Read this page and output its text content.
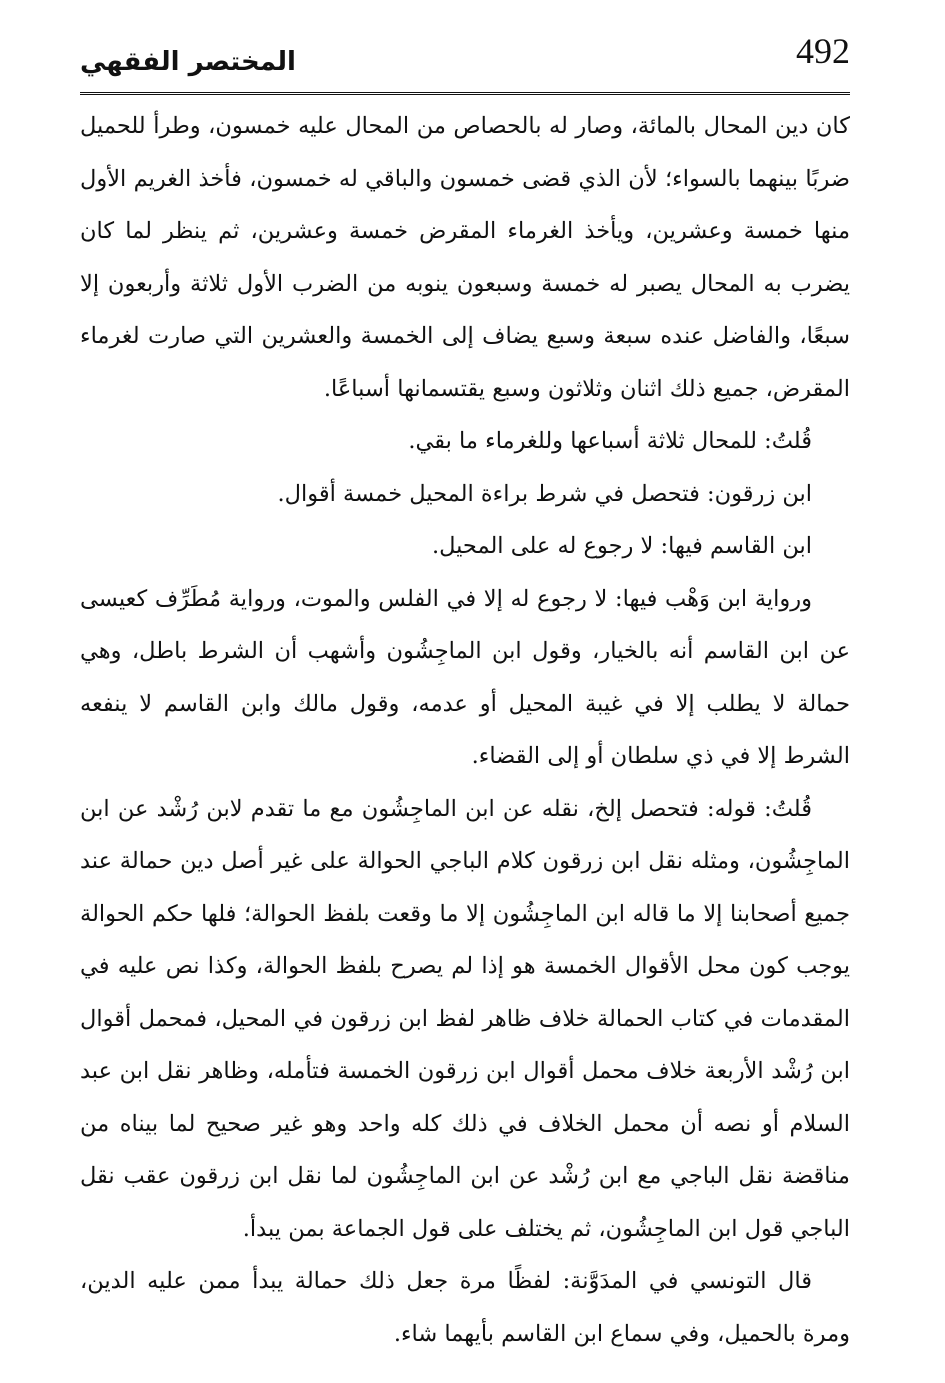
المختصر الفقهي	492

كان دين المحال بالمائة، وصار له بالحصاص من المحال عليه خمسون، وطرأ للحميل ضربًا بينهما بالسواء؛ لأن الذي قضى خمسون والباقي له خمسون، فأخذ الغريم الأول منها خمسة وعشرين، ويأخذ الغرماء المقرض خمسة وعشرين، ثم ينظر لما كان يضرب به المحال يصبر له خمسة وسبعون ينوبه من الضرب الأول ثلاثة وأربعون إلا سبعًا، والفاضل عنده سبعة وسبع يضاف إلى الخمسة والعشرين التي صارت لغرماء المقرض، جميع ذلك اثنان وثلاثون وسبع يقتسمانها أسباعًا.

قُلتُ: للمحال ثلاثة أسباعها وللغرماء ما بقي.

ابن زرقون: فتحصل في شرط براءة المحيل خمسة أقوال.

ابن القاسم فيها: لا رجوع له على المحيل.

ورواية ابن وَهْب فيها: لا رجوع له إلا في الفلس والموت، ورواية مُطَرِّف كعيسى عن ابن القاسم أنه بالخيار، وقول ابن الماجِشُون وأشهب أن الشرط باطل، وهي حمالة لا يطلب إلا في غيبة المحيل أو عدمه، وقول مالك وابن القاسم لا ينفعه الشرط إلا في ذي سلطان أو إلى القضاء.

قُلتُ: قوله: فتحصل إلخ، نقله عن ابن الماجِشُون مع ما تقدم لابن رُشْد عن ابن الماجِشُون، ومثله نقل ابن زرقون كلام الباجي الحوالة على غير أصل دين حمالة عند جميع أصحابنا إلا ما قاله ابن الماجِشُون إلا ما وقعت بلفظ الحوالة؛ فلها حكم الحوالة يوجب كون محل الأقوال الخمسة هو إذا لم يصرح بلفظ الحوالة، وكذا نص عليه في المقدمات في كتاب الحمالة خلاف ظاهر لفظ ابن زرقون في المحيل، فمحمل أقوال ابن رُشْد الأربعة خلاف محمل أقوال ابن زرقون الخمسة فتأمله، وظاهر نقل ابن عبد السلام أو نصه أن محمل الخلاف في ذلك كله واحد وهو غير صحيح لما بيناه من مناقضة نقل الباجي مع ابن رُشْد عن ابن الماجِشُون لما نقل ابن زرقون عقب نقل الباجي قول ابن الماجِشُون، ثم يختلف على قول الجماعة بمن يبدأ.

قال التونسي في المدَوَّنة: لفظًا مرة جعل ذلك حمالة يبدأ ممن عليه الدين، ومرة بالحميل، وفي سماع ابن القاسم بأيهما شاء.
